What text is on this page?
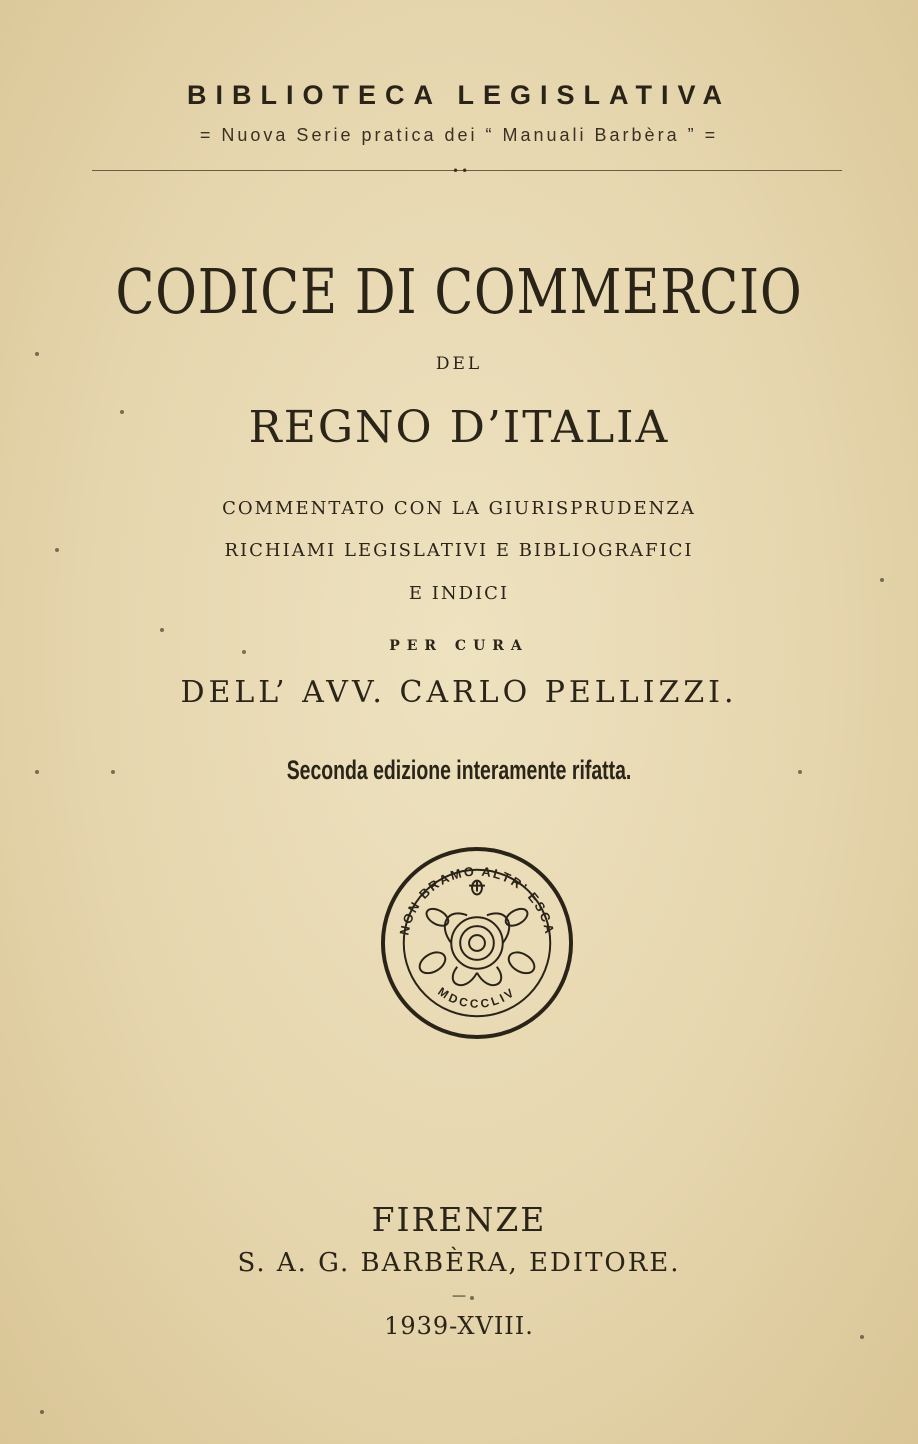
BIBLIOTECA LEGISLATIVA
= Nuova Serie pratica dei “ Manuali Barbèra ” =
••
CODICE DI COMMERCIO
DEL
REGNO D’ITALIA
COMMENTATO CON LA GIURISPRUDENZA
RICHIAMI LEGISLATIVI E BIBLIOGRAFICI
E INDICI
PER CURA
DELL’ AVV. CARLO PELLIZZI.
Seconda edizione interamente rifatta.
NON BRAMO ALTR’ ESCA
MDCCCLIV
FIRENZE
S. A. G. BARBÈRA, EDITORE.
—
1939-XVIII.
